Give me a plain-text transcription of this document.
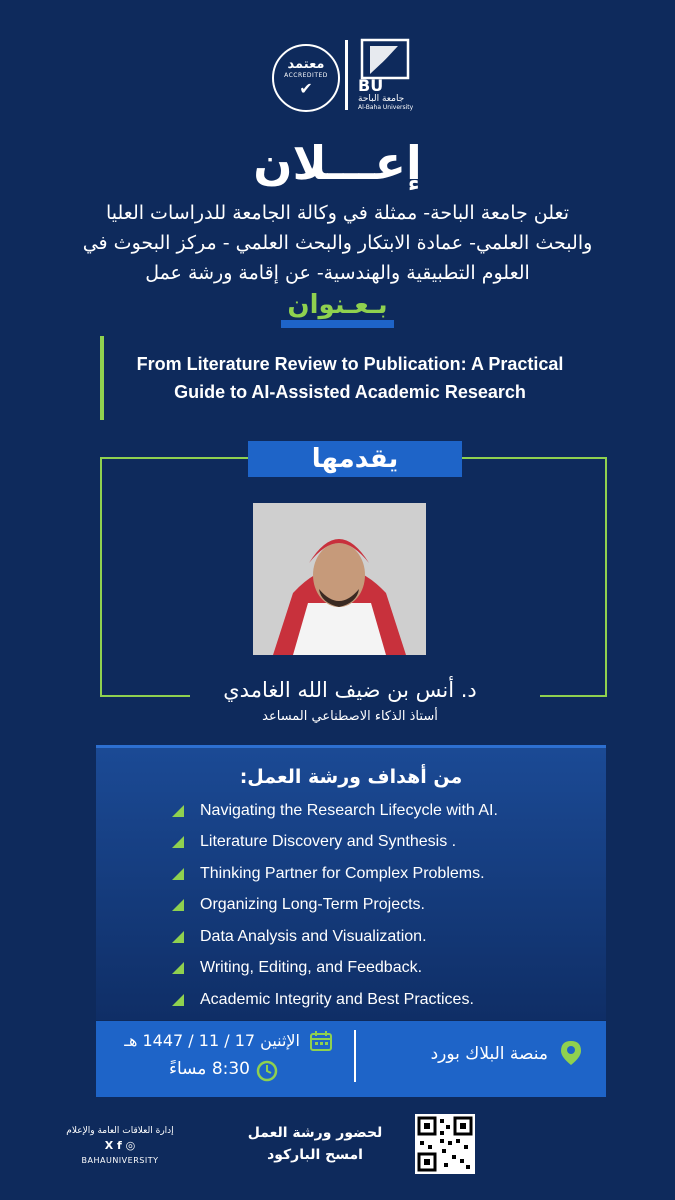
معتمد
ACCREDITED
✔	BU
جامعة الباحة
Al-Baha University
إعـــلان
تعلن جامعة الباحة- ممثلة في وكالة الجامعة للدراسات العليا
والبحث العلمي- عمادة الابتكار والبحث العلمي - مركز البحوث في
العلوم التطبيقية والهندسية- عن إقامة ورشة عمل
بـعـنوان
From Literature Review to Publication: A Practical
Guide to AI-Assisted Academic Research
يقدمها
د. أنس بن ضيف الله الغامدي
أستاذ الذكاء الاصطناعي المساعد
من أهداف ورشة العمل:
Navigating the Research Lifecycle with AI.
Literature Discovery and Synthesis .
Thinking Partner for Complex Problems.
Organizing Long-Term Projects.
Data Analysis and Visualization.
Writing, Editing, and Feedback.
Academic Integrity and Best Practices.
الإثنين 17 / 11 / 1447 هـ
8:30 مساءً
منصة البلاك بورد
إدارة العلاقات العامة والإعلام
X f ◎
BAHAUNIVERSITY
لحضور ورشة العمل
امسح الباركود
